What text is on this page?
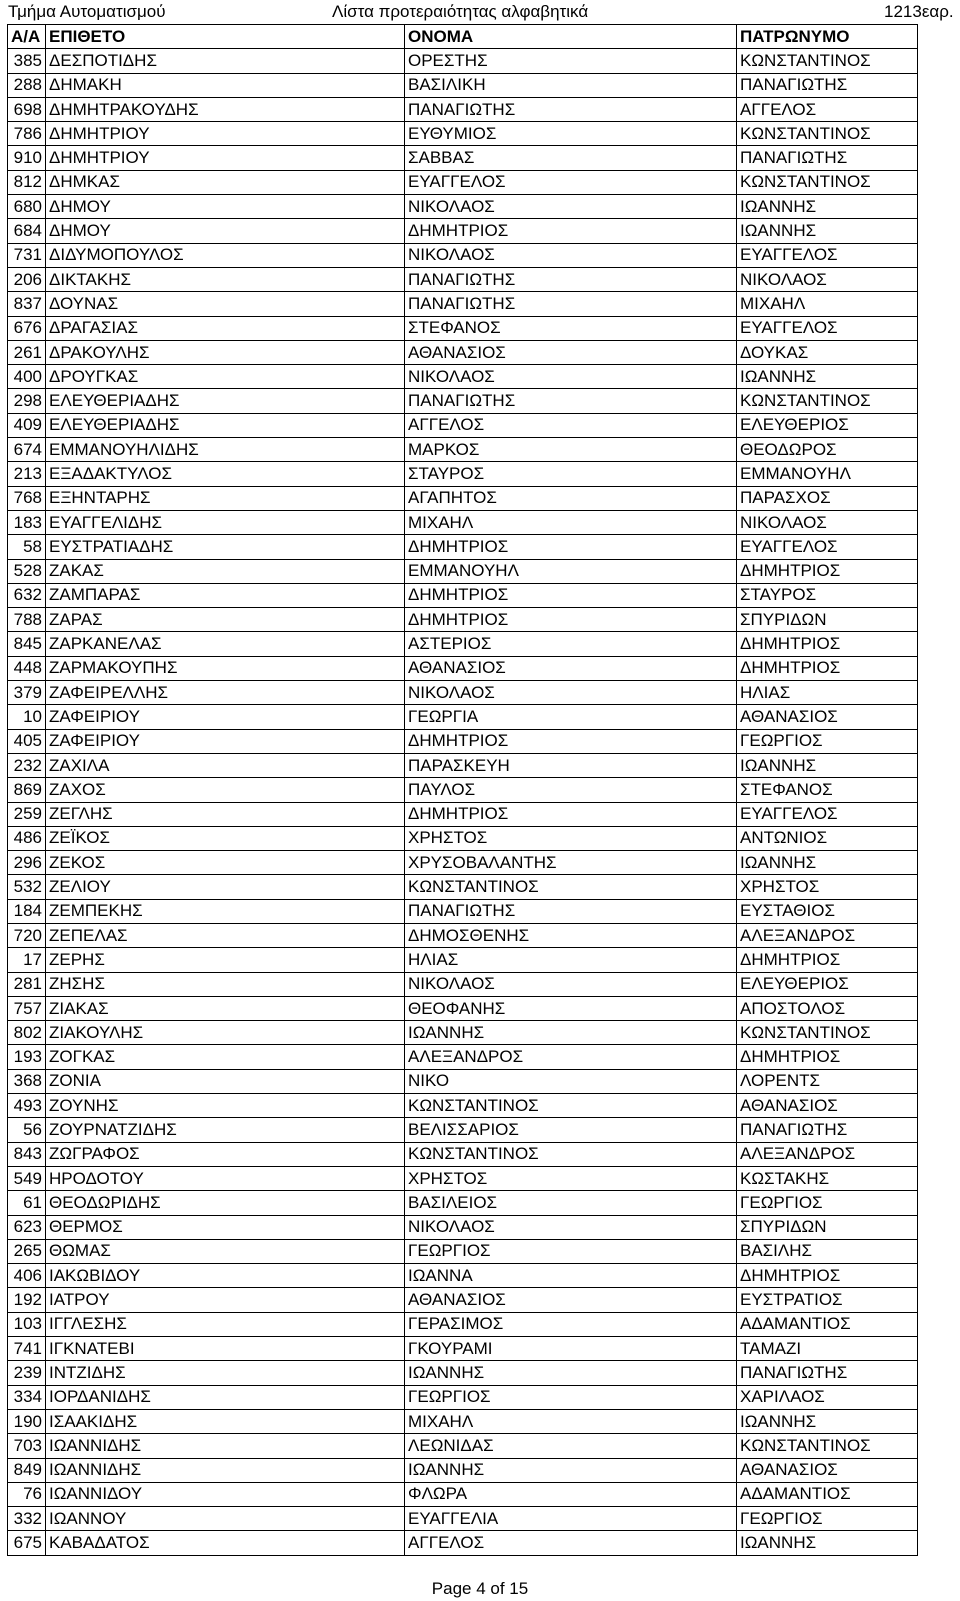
Τμήμα Αυτοματισμού	Λίστα προτεραιότητας αλφαβητικά	1213εαρ.
Α/Α	ΕΠΙΘΕΤΟ	ΟΝΟΜΑ	ΠΑΤΡΩΝΥΜΟ
385	ΔΕΣΠΟΤΙΔΗΣ	ΟΡΕΣΤΗΣ	ΚΩΝΣΤΑΝΤΙΝΟΣ
288	ΔΗΜΑΚΗ	ΒΑΣΙΛΙΚΗ	ΠΑΝΑΓΙΩΤΗΣ
698	ΔΗΜΗΤΡΑΚΟΥΔΗΣ	ΠΑΝΑΓΙΩΤΗΣ	ΑΓΓΕΛΟΣ
786	ΔΗΜΗΤΡΙΟΥ	ΕΥΘΥΜΙΟΣ	ΚΩΝΣΤΑΝΤΙΝΟΣ
910	ΔΗΜΗΤΡΙΟΥ	ΣΑΒΒΑΣ	ΠΑΝΑΓΙΩΤΗΣ
812	ΔΗΜΚΑΣ	ΕΥΑΓΓΕΛΟΣ	ΚΩΝΣΤΑΝΤΙΝΟΣ
680	ΔΗΜΟΥ	ΝΙΚΟΛΑΟΣ	ΙΩΑΝΝΗΣ
684	ΔΗΜΟΥ	ΔΗΜΗΤΡΙΟΣ	ΙΩΑΝΝΗΣ
731	ΔΙΔΥΜΟΠΟΥΛΟΣ	ΝΙΚΟΛΑΟΣ	ΕΥΑΓΓΕΛΟΣ
206	ΔΙΚΤΑΚΗΣ	ΠΑΝΑΓΙΩΤΗΣ	ΝΙΚΟΛΑΟΣ
837	ΔΟΥΝΑΣ	ΠΑΝΑΓΙΩΤΗΣ	ΜΙΧΑΗΛ
676	ΔΡΑΓΑΣΙΑΣ	ΣΤΕΦΑΝΟΣ	ΕΥΑΓΓΕΛΟΣ
261	ΔΡΑΚΟΥΛΗΣ	ΑΘΑΝΑΣΙΟΣ	ΔΟΥΚΑΣ
400	ΔΡΟΥΓΚΑΣ	ΝΙΚΟΛΑΟΣ	ΙΩΑΝΝΗΣ
298	ΕΛΕΥΘΕΡΙΑΔΗΣ	ΠΑΝΑΓΙΩΤΗΣ	ΚΩΝΣΤΑΝΤΙΝΟΣ
409	ΕΛΕΥΘΕΡΙΑΔΗΣ	ΑΓΓΕΛΟΣ	ΕΛΕΥΘΕΡΙΟΣ
674	ΕΜΜΑΝΟΥΗΛΙΔΗΣ	ΜΑΡΚΟΣ	ΘΕΟΔΩΡΟΣ
213	ΕΞΑΔΑΚΤΥΛΟΣ	ΣΤΑΥΡΟΣ	ΕΜΜΑΝΟΥΗΛ
768	ΕΞΗΝΤΑΡΗΣ	ΑΓΑΠΗΤΟΣ	ΠΑΡΑΣΧΟΣ
183	ΕΥΑΓΓΕΛΙΔΗΣ	ΜΙΧΑΗΛ	ΝΙΚΟΛΑΟΣ
58	ΕΥΣΤΡΑΤΙΑΔΗΣ	ΔΗΜΗΤΡΙΟΣ	ΕΥΑΓΓΕΛΟΣ
528	ΖΑΚΑΣ	ΕΜΜΑΝΟΥΗΛ	ΔΗΜΗΤΡΙΟΣ
632	ΖΑΜΠΑΡΑΣ	ΔΗΜΗΤΡΙΟΣ	ΣΤΑΥΡΟΣ
788	ΖΑΡΑΣ	ΔΗΜΗΤΡΙΟΣ	ΣΠΥΡΙΔΩΝ
845	ΖΑΡΚΑΝΕΛΑΣ	ΑΣΤΕΡΙΟΣ	ΔΗΜΗΤΡΙΟΣ
448	ΖΑΡΜΑΚΟΥΠΗΣ	ΑΘΑΝΑΣΙΟΣ	ΔΗΜΗΤΡΙΟΣ
379	ΖΑΦΕΙΡΕΛΛΗΣ	ΝΙΚΟΛΑΟΣ	ΗΛΙΑΣ
10	ΖΑΦΕΙΡΙΟΥ	ΓΕΩΡΓΙΑ	ΑΘΑΝΑΣΙΟΣ
405	ΖΑΦΕΙΡΙΟΥ	ΔΗΜΗΤΡΙΟΣ	ΓΕΩΡΓΙΟΣ
232	ΖΑΧΙΛΑ	ΠΑΡΑΣΚΕΥΗ	ΙΩΑΝΝΗΣ
869	ΖΑΧΟΣ	ΠΑΥΛΟΣ	ΣΤΕΦΑΝΟΣ
259	ΖΕΓΛΗΣ	ΔΗΜΗΤΡΙΟΣ	ΕΥΑΓΓΕΛΟΣ
486	ΖΕΪΚΟΣ	ΧΡΗΣΤΟΣ	ΑΝΤΩΝΙΟΣ
296	ΖΕΚΟΣ	ΧΡΥΣΟΒΑΛΑΝΤΗΣ	ΙΩΑΝΝΗΣ
532	ΖΕΛΙΟΥ	ΚΩΝΣΤΑΝΤΙΝΟΣ	ΧΡΗΣΤΟΣ
184	ΖΕΜΠΕΚΗΣ	ΠΑΝΑΓΙΩΤΗΣ	ΕΥΣΤΑΘΙΟΣ
720	ΖΕΠΕΛΑΣ	ΔΗΜΟΣΘΕΝΗΣ	ΑΛΕΞΑΝΔΡΟΣ
17	ΖΕΡΗΣ	ΗΛΙΑΣ	ΔΗΜΗΤΡΙΟΣ
281	ΖΗΣΗΣ	ΝΙΚΟΛΑΟΣ	ΕΛΕΥΘΕΡΙΟΣ
757	ΖΙΑΚΑΣ	ΘΕΟΦΑΝΗΣ	ΑΠΟΣΤΟΛΟΣ
802	ΖΙΑΚΟΥΛΗΣ	ΙΩΑΝΝΗΣ	ΚΩΝΣΤΑΝΤΙΝΟΣ
193	ΖΟΓΚΑΣ	ΑΛΕΞΑΝΔΡΟΣ	ΔΗΜΗΤΡΙΟΣ
368	ΖΟΝΙΑ	ΝΙΚΟ	ΛΟΡΕΝΤΣ
493	ΖΟΥΝΗΣ	ΚΩΝΣΤΑΝΤΙΝΟΣ	ΑΘΑΝΑΣΙΟΣ
56	ΖΟΥΡΝΑΤΖΙΔΗΣ	ΒΕΛΙΣΣΑΡΙΟΣ	ΠΑΝΑΓΙΩΤΗΣ
843	ΖΩΓΡΑΦΟΣ	ΚΩΝΣΤΑΝΤΙΝΟΣ	ΑΛΕΞΑΝΔΡΟΣ
549	ΗΡΟΔΟΤΟΥ	ΧΡΗΣΤΟΣ	ΚΩΣΤΑΚΗΣ
61	ΘΕΟΔΩΡΙΔΗΣ	ΒΑΣΙΛΕΙΟΣ	ΓΕΩΡΓΙΟΣ
623	ΘΕΡΜΟΣ	ΝΙΚΟΛΑΟΣ	ΣΠΥΡΙΔΩΝ
265	ΘΩΜΑΣ	ΓΕΩΡΓΙΟΣ	ΒΑΣΙΛΗΣ
406	ΙΑΚΩΒΙΔΟΥ	ΙΩΑΝΝΑ	ΔΗΜΗΤΡΙΟΣ
192	ΙΑΤΡΟΥ	ΑΘΑΝΑΣΙΟΣ	ΕΥΣΤΡΑΤΙΟΣ
103	ΙΓΓΛΕΣΗΣ	ΓΕΡΑΣΙΜΟΣ	ΑΔΑΜΑΝΤΙΟΣ
741	ΙΓΚΝΑΤΕΒΙ	ΓΚΟΥΡΑΜΙ	ΤΑΜΑΖΙ
239	ΙΝΤΖΙΔΗΣ	ΙΩΑΝΝΗΣ	ΠΑΝΑΓΙΩΤΗΣ
334	ΙΟΡΔΑΝΙΔΗΣ	ΓΕΩΡΓΙΟΣ	ΧΑΡΙΛΑΟΣ
190	ΙΣΑΑΚΙΔΗΣ	ΜΙΧΑΗΛ	ΙΩΑΝΝΗΣ
703	ΙΩΑΝΝΙΔΗΣ	ΛΕΩΝΙΔΑΣ	ΚΩΝΣΤΑΝΤΙΝΟΣ
849	ΙΩΑΝΝΙΔΗΣ	ΙΩΑΝΝΗΣ	ΑΘΑΝΑΣΙΟΣ
76	ΙΩΑΝΝΙΔΟΥ	ΦΛΩΡΑ	ΑΔΑΜΑΝΤΙΟΣ
332	ΙΩΑΝΝΟΥ	ΕΥΑΓΓΕΛΙΑ	ΓΕΩΡΓΙΟΣ
675	ΚΑΒΑΔΑΤΟΣ	ΑΓΓΕΛΟΣ	ΙΩΑΝΝΗΣ
Page 4 of 15
